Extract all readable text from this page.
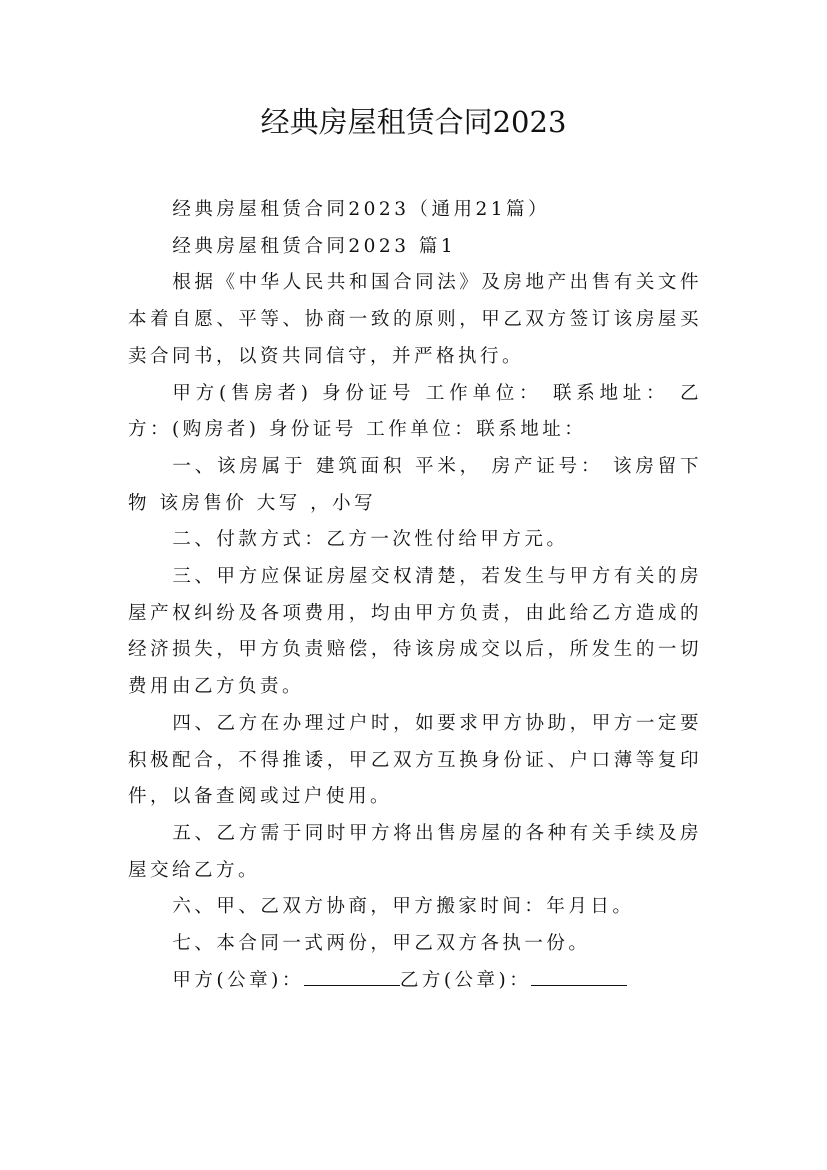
经典房屋租赁合同2023

经典房屋租赁合同2023（通用21篇）

经典房屋租赁合同2023 篇1

根据《中华人民共和国合同法》及房地产出售有关文件本着自愿、平等、协商一致的原则，甲乙双方签订该房屋买卖合同书，以资共同信守，并严格执行。

甲方(售房者) 身份证号 工作单位： 联系地址： 乙方：(购房者) 身份证号 工作单位：联系地址：

一、该房属于 建筑面积 平米， 房产证号： 该房留下物 该房售价 大写 ，小写

二、付款方式：乙方一次性付给甲方元。

三、甲方应保证房屋交权清楚，若发生与甲方有关的房屋产权纠纷及各项费用，均由甲方负责，由此给乙方造成的经济损失，甲方负责赔偿，待该房成交以后，所发生的一切费用由乙方负责。

四、乙方在办理过户时，如要求甲方协助，甲方一定要积极配合，不得推诿，甲乙双方互换身份证、户口薄等复印件，以备查阅或过户使用。

五、乙方需于同时甲方将出售房屋的各种有关手续及房屋交给乙方。

六、甲、乙双方协商，甲方搬家时间：年月日。

七、本合同一式两份，甲乙双方各执一份。

甲方(公章)：	乙方(公章)：
